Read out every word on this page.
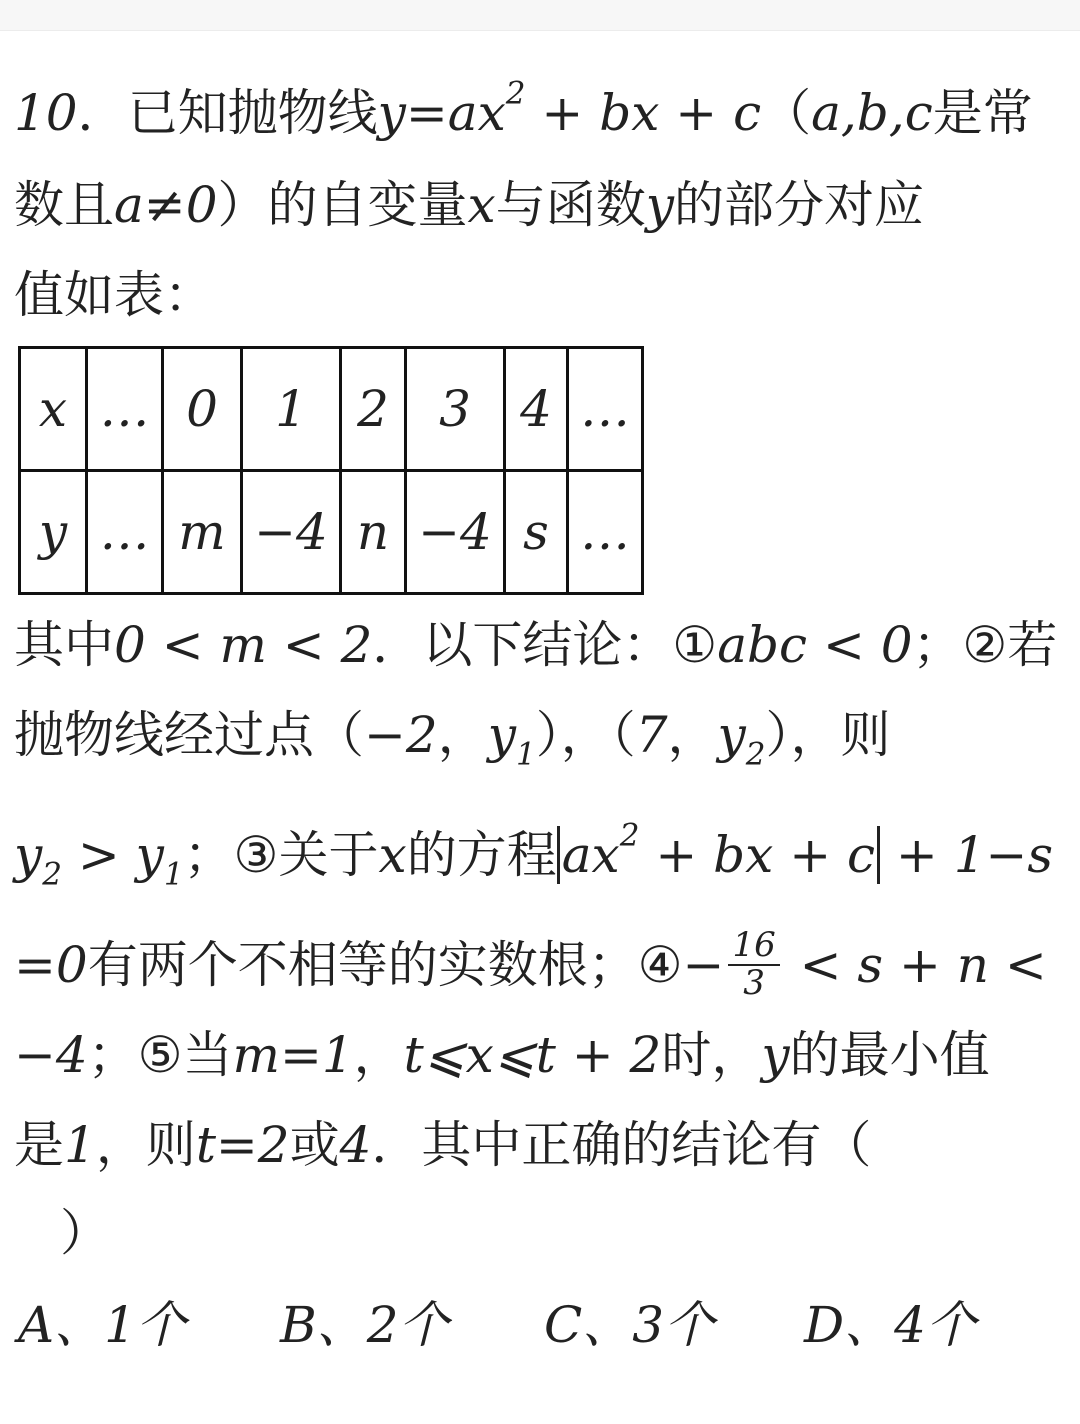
10．已知抛物线$y=ax^2$ + bx + c（a,b,c是常
数且a≠0）的自变量x与函数y的部分对应
值如表：
x	…	0	1	2	3	4	…
y	…	m	−4	n	−4	s	…
其中0 < m < 2．以下结论：①abc < 0；②若
抛物线经过点（−2，$y_1$），（7，$y_2$），则
$y_2 > y_1$；③关于x的方程 $ax^2$ + bx + c + 1−s
=0有两个不相等的实数根；④− $\frac{16}{3} < s + n$ <
−4；⑤当m=1，t⩽x⩽t + 2时，y的最小值
是1，则t=2或4．其中正确的结论有（
）
A、1个 B、2个 C、3个 D、4个
